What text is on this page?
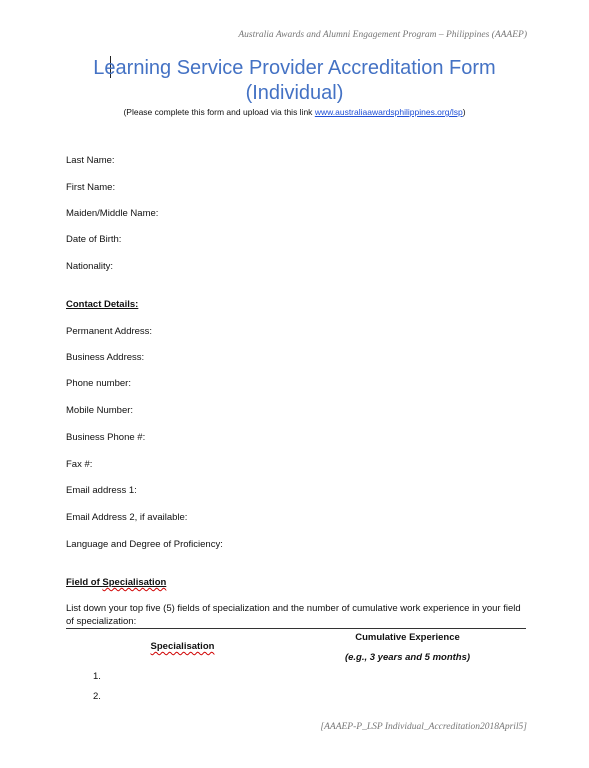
Australia Awards and Alumni Engagement Program – Philippines (AAAEP)
Learning Service Provider Accreditation Form
(Individual)
(Please complete this form and upload via this link www.australiaawardsphilippines.org/lsp)
Last Name:
First Name:
Maiden/Middle Name:
Date of Birth:
Nationality:
Contact Details:
Permanent Address:
Business Address:
Phone number:
Mobile Number:
Business Phone #:
Fax #:
Email address 1:
Email Address 2, if available:
Language and Degree of Proficiency:
Field of Specialisation
List down your top five (5) fields of specialization and the number of cumulative work experience in your field of specialization:
Specialisation
Cumulative Experience
(e.g., 3 years and 5 months)
1.
2.
[AAAEP-P_LSP Individual_Accreditation2018April5]
